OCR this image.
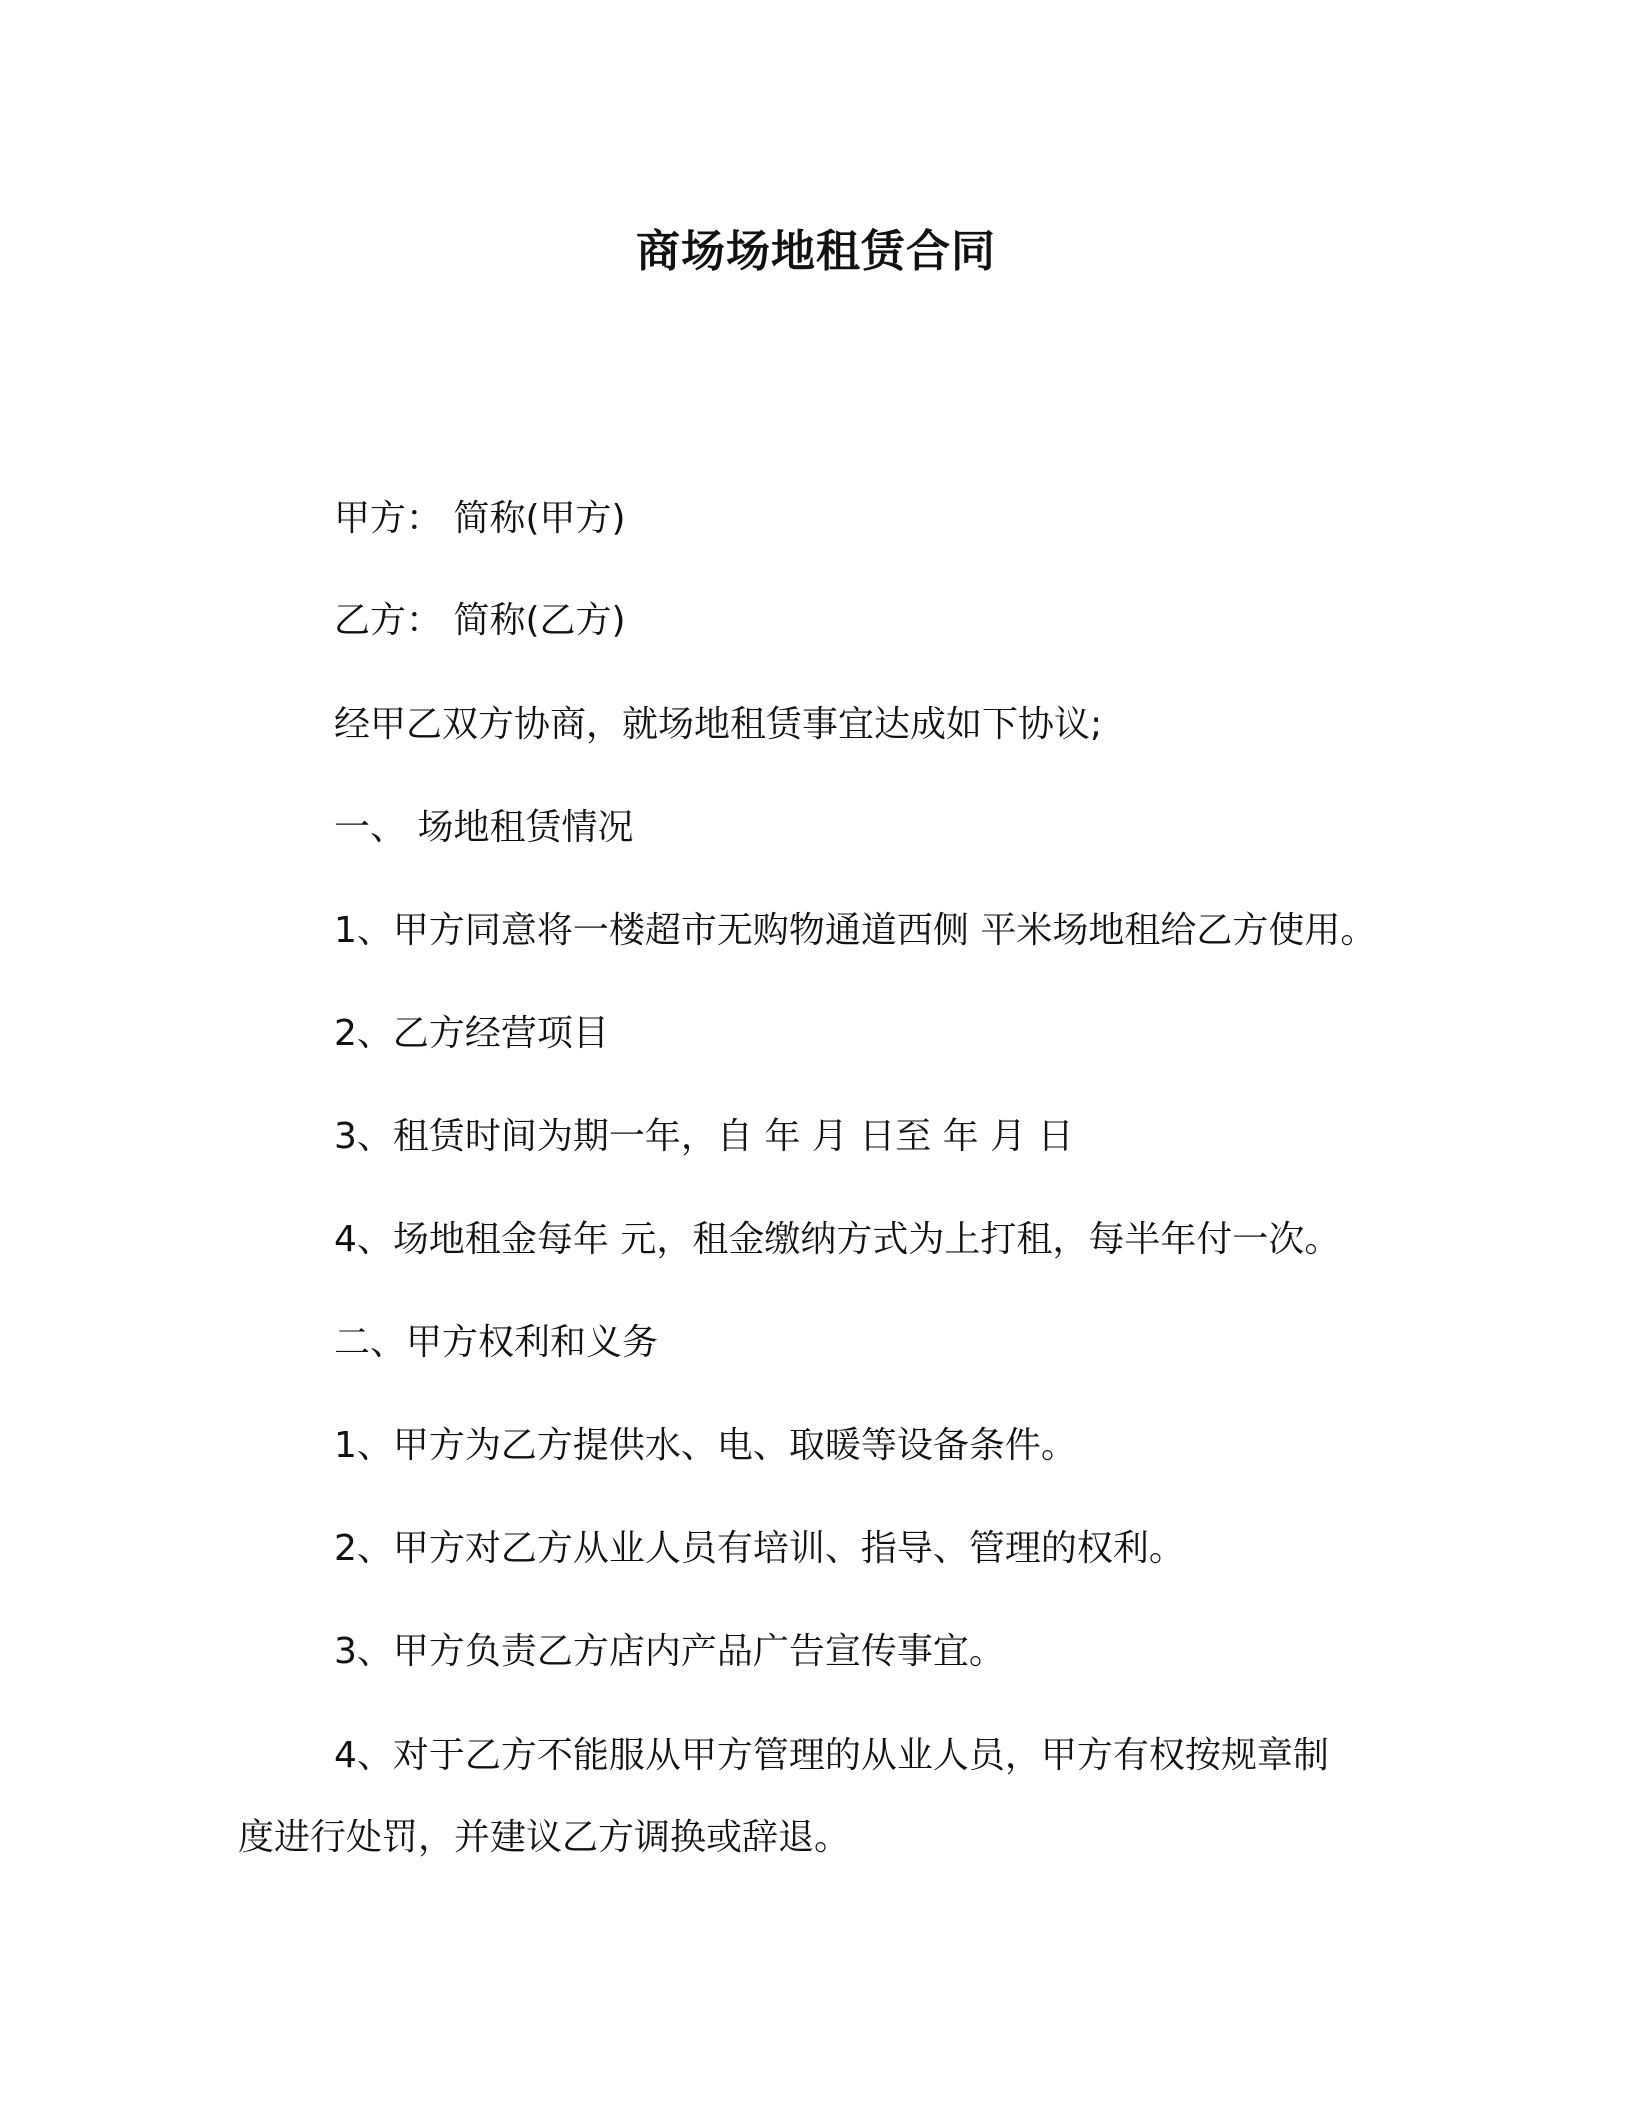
商场场地租赁合同

甲方： 简称(甲方)

乙方： 简称(乙方)

经甲乙双方协商，就场地租赁事宜达成如下协议;

一、 场地租赁情况

1、甲方同意将一楼超市无购物通道西侧 平米场地租给乙方使用。

2、乙方经营项目

3、租赁时间为期一年，自 年 月 日至 年 月 日

4、场地租金每年 元，租金缴纳方式为上打租，每半年付一次。

二、甲方权利和义务

1、甲方为乙方提供水、电、取暖等设备条件。

2、甲方对乙方从业人员有培训、指导、管理的权利。

3、甲方负责乙方店内产品广告宣传事宜。

4、对于乙方不能服从甲方管理的从业人员，甲方有权按规章制

度进行处罚，并建议乙方调换或辞退。
